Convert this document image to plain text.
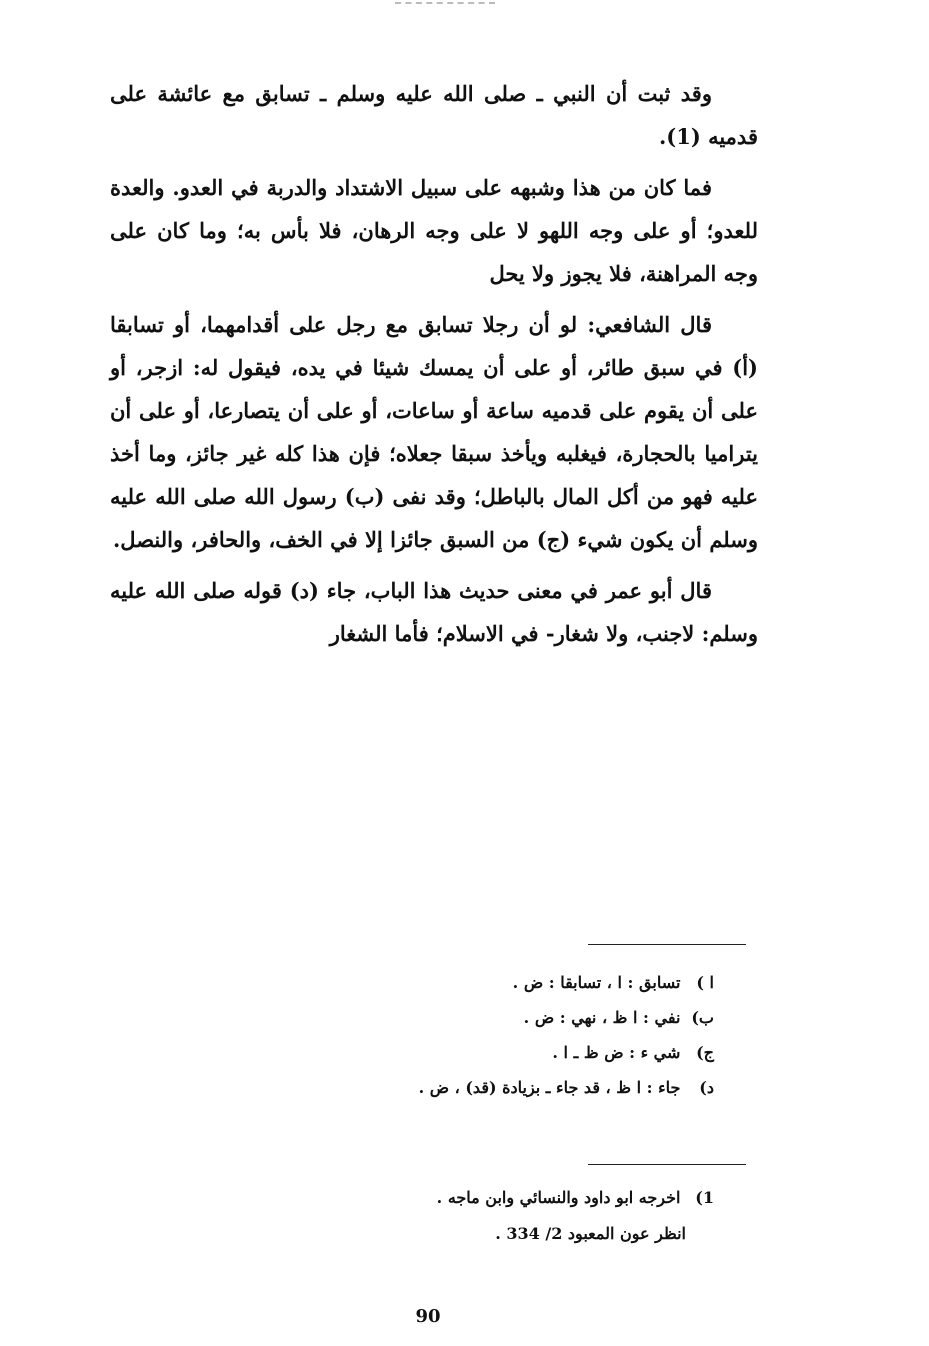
وقد ثبت أن النبي ـ صلى الله عليه وسلم ـ تسابق مع عائشة على قدميه (1).

فما كان من هذا وشبهه على سبيل الاشتداد والدربة في العدو. والعدة للعدو؛ أو على وجه اللهو لا على وجه الرهان، فلا بأس به؛ وما كان على وجه المراهنة، فلا يجوز ولا يحل

قال الشافعي: لو أن رجلا تسابق مع رجل على أقدامهما، أو تسابقا (أ) في سبق طائر، أو على أن يمسك شيئا في يده، فيقول له: ازجر، أو على أن يقوم على قدميه ساعة أو ساعات، أو على أن يتصارعا، أو على أن يتراميا بالحجارة، فيغلبه ويأخذ سبقا جعلاه؛ فإن هذا كله غير جائز، وما أخذ عليه فهو من أكل المال بالباطل؛ وقد نفى (ب) رسول الله صلى الله عليه وسلم أن يكون شيء (ج) من السبق جائزا إلا في الخف، والحافر، والنصل.

قال أبو عمر في معنى حديث هذا الباب، جاء (د) قوله صلى الله عليه وسلم: لاجنب، ولا شغار- في الاسلام؛ فأما الشغار

ا ) تسابق : ا ، تسابقا : ض .
ب) نفي : ا ظ ، نهي : ض .
ج) شي ء : ض ظ ـ ا .
د) جاء : ا ظ ، قد جاء ـ بزيادة (قد) ، ض .
1) اخرجه ابو داود والنسائي وابن ماجه .
انظر عون المعبود 2/ 334 .
90
